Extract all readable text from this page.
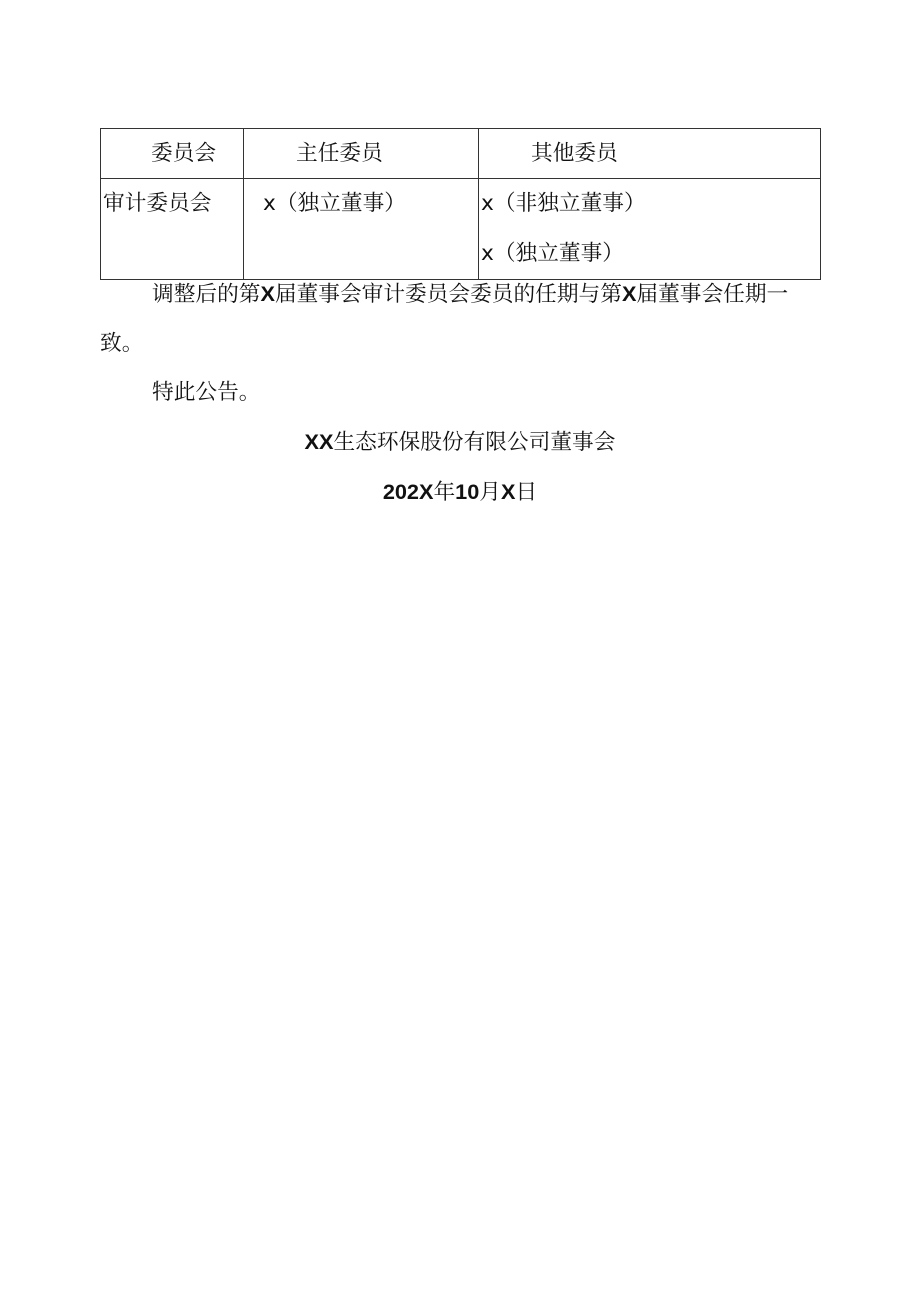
委员会	主任委员	其他委员
审计委员会	x（独立董事）	x（非独立董事）
x（独立董事）

调整后的第X届董事会审计委员会委员的任期与第X届董事会任期一致。

特此公告。

XX生态环保股份有限公司董事会

202X年10月X日
